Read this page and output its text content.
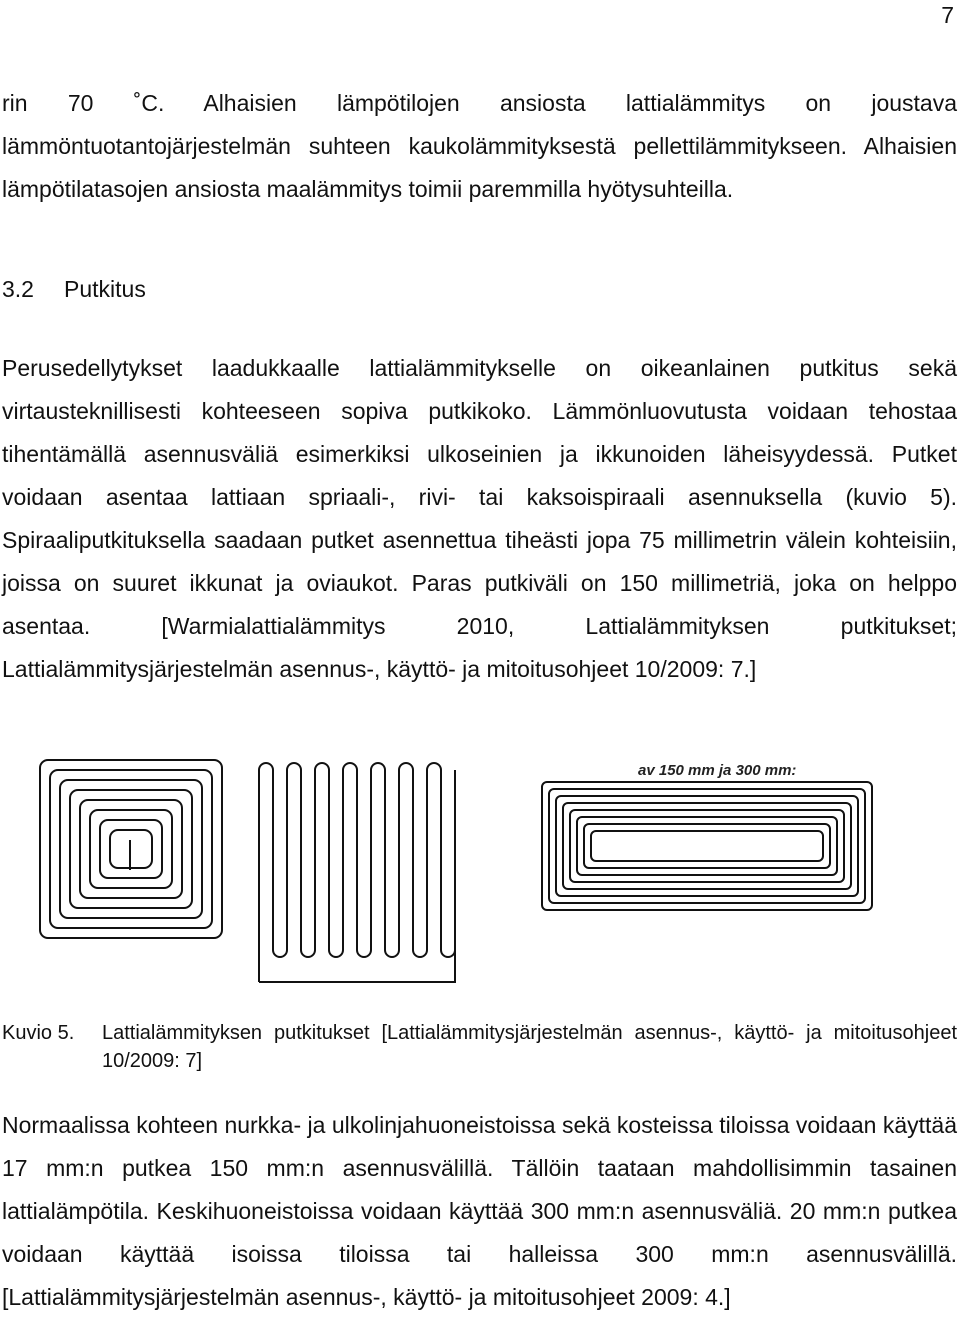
7

rin 70 ˚C. Alhaisien lämpötilojen ansiosta lattialämmitys on joustava lämmöntuotantojärjestelmän suhteen kaukolämmityksestä pellettilämmitykseen. Alhaisien lämpötilatasojen ansiosta maalämmitys toimii paremmilla hyötysuhteilla.

3.2 Putkitus

Perusedellytykset laadukkaalle lattialämmitykselle on oikeanlainen putkitus sekä virtausteknillisesti kohteeseen sopiva putkikoko. Lämmönluovutusta voidaan tehostaa tihentämällä asennusväliä esimerkiksi ulkoseinien ja ikkunoiden läheisyydessä. Putket voidaan asentaa lattiaan spriaali-, rivi- tai kaksoispiraali asennuksella (kuvio 5). Spiraaliputkituksella saadaan putket asennettua tiheästi jopa 75 millimetrin välein kohteisiin, joissa on suuret ikkunat ja oviaukot. Paras putkiväli on 150 millimetriä, joka on helppo asentaa. [Warmialattialämmitys 2010, Lattialämmityksen putkitukset; Lattialämmitysjärjestelmän asennus-, käyttö- ja mitoitusohjeet 10/2009: 7.]

av 150 mm ja 300 mm:
Kuvio 5. Lattialämmityksen putkitukset [Lattialämmitysjärjestelmän asennus-, käyttö- ja mitoitusohjeet 10/2009: 7]

Normaalissa kohteen nurkka- ja ulkolinjahuoneistoissa sekä kosteissa tiloissa voidaan käyttää 17 mm:n putkea 150 mm:n asennusvälillä. Tällöin taataan mahdollisimmin tasainen lattialämpötila. Keskihuoneistoissa voidaan käyttää 300 mm:n asennusväliä. 20 mm:n putkea voidaan käyttää isoissa tiloissa tai halleissa 300 mm:n asennusvälillä. [Lattialämmitysjärjestelmän asennus-, käyttö- ja mitoitusohjeet 2009: 4.]
